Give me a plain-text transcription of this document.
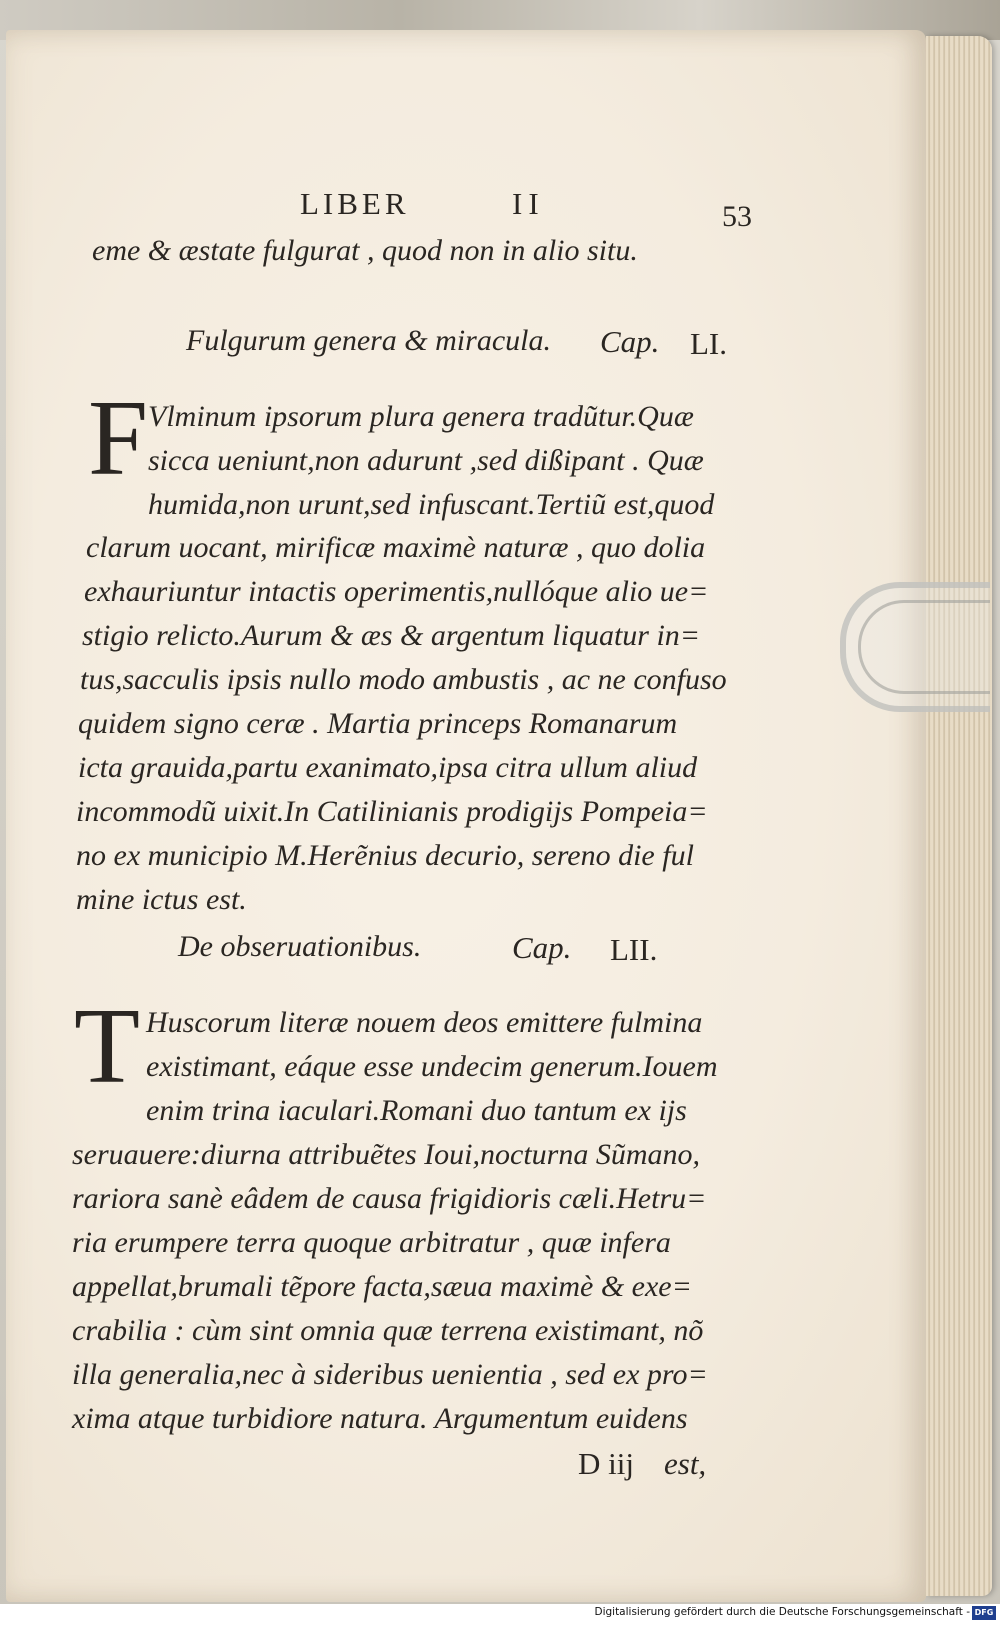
LIBER	II	53
eme & æstate fulgurat , quod non in alio situ.
Fulgurum genera & miracula. Cap. LI.
F Vlminum ipsorum plura genera tradũtur.Quæ
sicca ueniunt,non adurunt ,sed dißipant . Quæ
humida,non urunt,sed infuscant.Tertiũ est,quod
clarum uocant, mirificæ maximè naturæ , quo dolia
exhauriuntur intactis operimentis,nullóque alio ue=
stigio relicto.Aurum & æs & argentum liquatur in=
tus,sacculis ipsis nullo modo ambustis , ac ne confuso
quidem signo ceræ . Martia princeps Romanarum
icta grauida,partu exanimato,ipsa citra ullum aliud
incommodũ uixit.In Catilinianis prodigijs Pompeia=
no ex municipio M.Herẽnius decurio, sereno die ful
mine ictus est.
De obseruationibus.	Cap. LII.
T Huscorum literæ nouem deos emittere fulmina
existimant, eáque esse undecim generum.Iouem
enim trina iaculari.Romani duo tantum ex ijs
seruauere:diurna attribuẽtes Ioui,nocturna Sũmano,
rariora sanè eâdem de causa frigidioris cæli.Hetru=
ria erumpere terra quoque arbitratur , quæ infera
appellat,brumali tẽpore facta,sæua maximè & exe=
crabilia : cùm sint omnia quæ terrena existimant, nõ
illa generalia,nec à sideribus uenientia , sed ex pro=
xima atque turbidiore natura. Argumentum euidens
D iij est,
Digitalisierung gefördert durch die Deutsche Forschungsgemeinschaft - DFG
